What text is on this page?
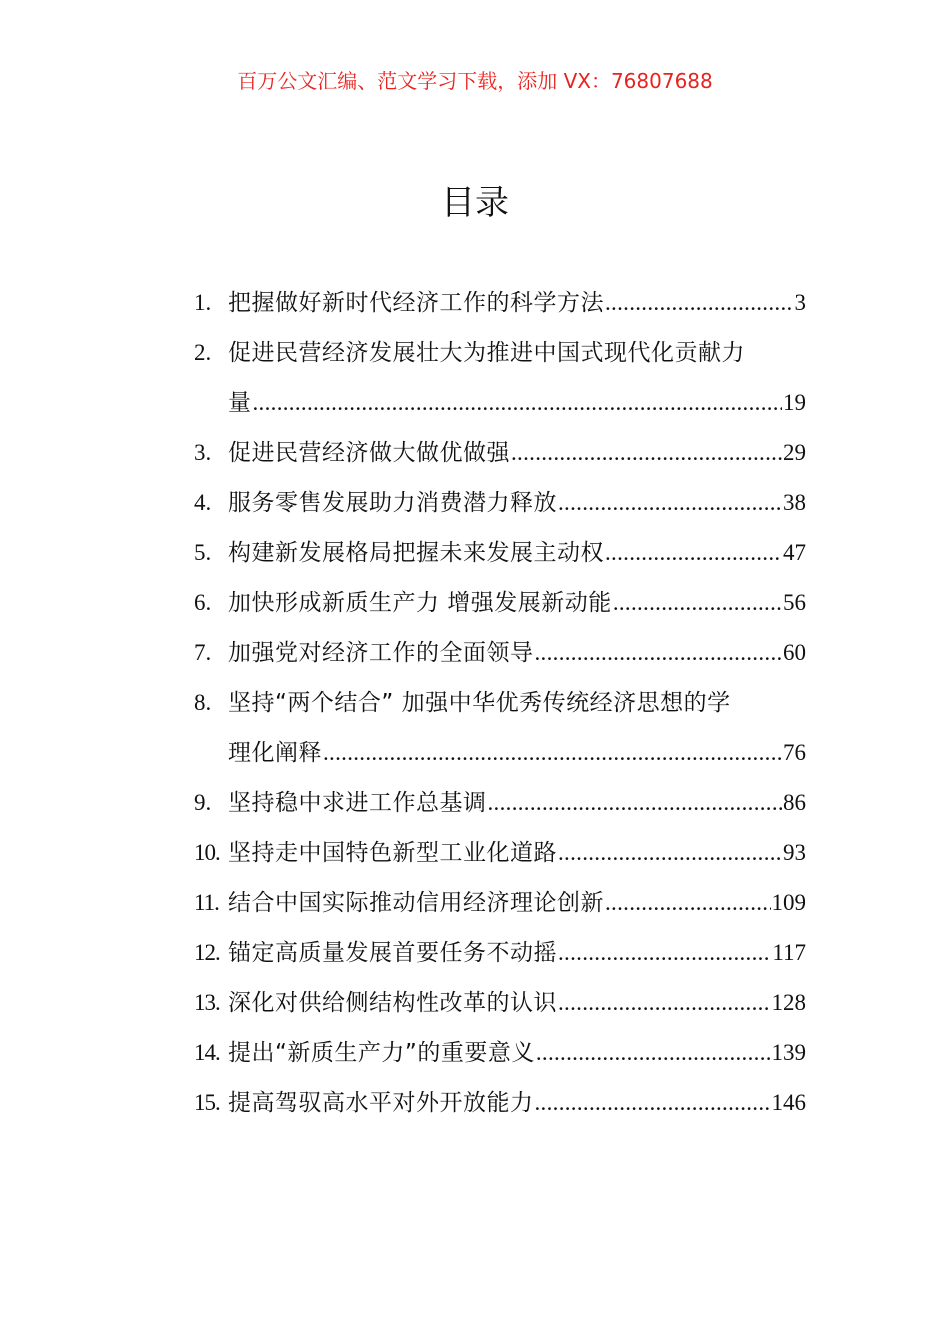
百万公文汇编、范文学习下载，添加 VX：76807688
目录
1. 把握做好新时代经济工作的科学方法 .....	3
2. 促进民营经济发展壮大为推进中国式现代化贡献力
量 .....	19
3. 促进民营经济做大做优做强 .....	29
4. 服务零售发展助力消费潜力释放 .....	38
5. 构建新发展格局把握未来发展主动权 .....	47
6. 加快形成新质生产力 增强发展新动能 .....	56
7. 加强党对经济工作的全面领导 .....	60
8. 坚持“两个结合” 加强中华优秀传统经济思想的学
理化阐释 .....	76
9. 坚持稳中求进工作总基调 .....	86
10. 坚持走中国特色新型工业化道路 .....	93
11. 结合中国实际推动信用经济理论创新 .....	109
12. 锚定高质量发展首要任务不动摇 .....	117
13. 深化对供给侧结构性改革的认识 .....	128
14. 提出“新质生产力”的重要意义 .....	139
15. 提高驾驭高水平对外开放能力 .....	146
